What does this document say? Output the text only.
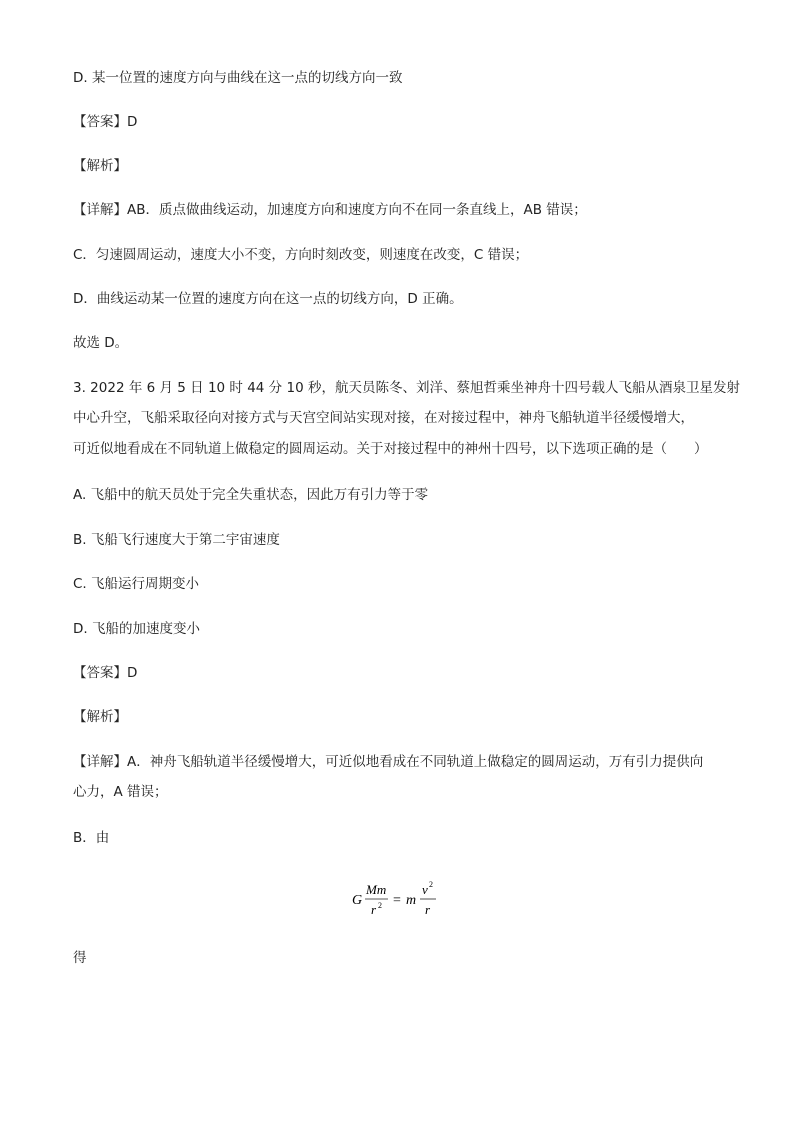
D. 某一位置的速度方向与曲线在这一点的切线方向一致
【答案】D
【解析】
【详解】AB．质点做曲线运动，加速度方向和速度方向不在同一条直线上，AB 错误；
C．匀速圆周运动，速度大小不变，方向时刻改变，则速度在改变，C 错误；
D．曲线运动某一位置的速度方向在这一点的切线方向，D 正确。
故选 D。
3. 2022 年 6 月 5 日 10 时 44 分 10 秒，航天员陈冬、刘洋、蔡旭哲乘坐神舟十四号载人飞船从酒泉卫星发射
中心升空，飞船采取径向对接方式与天宫空间站实现对接，在对接过程中，神舟飞船轨道半径缓慢增大，
可近似地看成在不同轨道上做稳定的圆周运动。关于对接过程中的神州十四号，以下选项正确的是（　　）
A. 飞船中的航天员处于完全失重状态，因此万有引力等于零
B. 飞船飞行速度大于第二宇宙速度
C. 飞船运行周期变小
D. 飞船的加速度变小
【答案】D
【解析】
【详解】A．神舟飞船轨道半径缓慢增大，可近似地看成在不同轨道上做稳定的圆周运动，万有引力提供向
心力，A 错误；
B．由
G
Mm
r 2 = m
v 2
r
得
